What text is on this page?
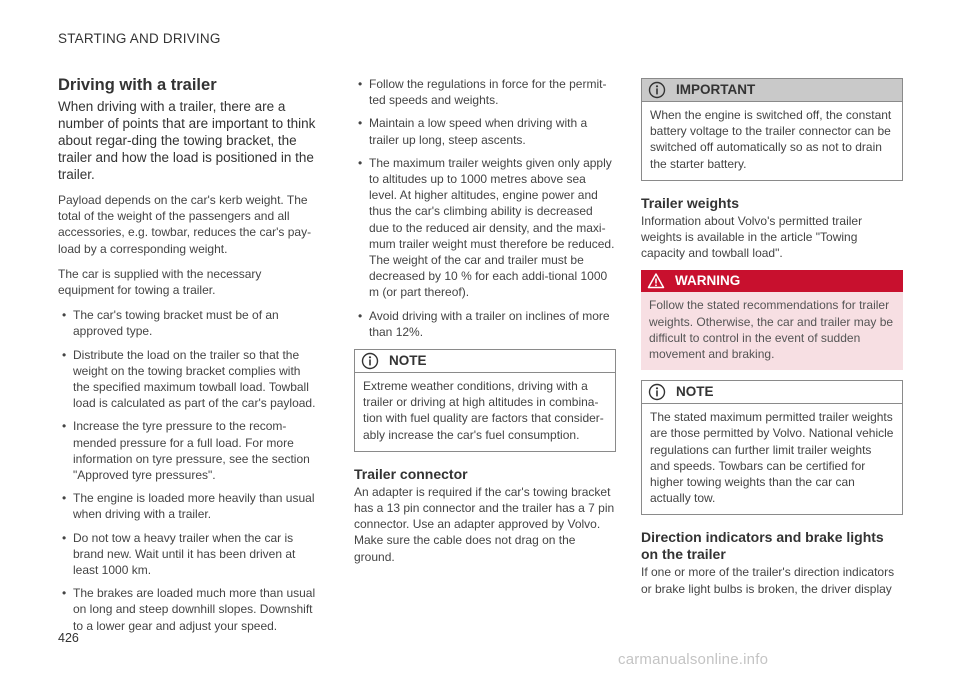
STARTING AND DRIVING
Driving with a trailer
When driving with a trailer, there are a number of points that are important to think about regar-ding the towing bracket, the trailer and how the load is positioned in the trailer.

Payload depends on the car's kerb weight. The total of the weight of the passengers and all accessories, e.g. towbar, reduces the car's pay-load by a corresponding weight.

The car is supplied with the necessary equipment for towing a trailer.

• The car's towing bracket must be of an approved type.
• Distribute the load on the trailer so that the weight on the towing bracket complies with the specified maximum towball load. Towball load is calculated as part of the car's payload.
• Increase the tyre pressure to the recom-mended pressure for a full load. For more information on tyre pressure, see the section "Approved tyre pressures".
• The engine is loaded more heavily than usual when driving with a trailer.
• Do not tow a heavy trailer when the car is brand new. Wait until it has been driven at least 1000 km.
• The brakes are loaded much more than usual on long and steep downhill slopes. Downshift to a lower gear and adjust your speed.
• Follow the regulations in force for the permit-ted speeds and weights.
• Maintain a low speed when driving with a trailer up long, steep ascents.
• The maximum trailer weights given only apply to altitudes up to 1000 metres above sea level. At higher altitudes, engine power and thus the car's climbing ability is decreased due to the reduced air density, and the maxi-mum trailer weight must therefore be reduced. The weight of the car and trailer must be decreased by 10 % for each addi-tional 1000 m (or part thereof).
• Avoid driving with a trailer on inclines of more than 12%.
NOTE
Extreme weather conditions, driving with a trailer or driving at high altitudes in combina-tion with fuel quality are factors that consider-ably increase the car's fuel consumption.
Trailer connector

An adapter is required if the car's towing bracket has a 13 pin connector and the trailer has a 7 pin connector. Use an adapter approved by Volvo. Make sure the cable does not drag on the ground.

IMPORTANT
When the engine is switched off, the constant battery voltage to the trailer connector can be switched off automatically so as not to drain the starter battery.
Trailer weights

Information about Volvo's permitted trailer weights is available in the article "Towing capacity and towball load".

WARNING
Follow the stated recommendations for trailer weights. Otherwise, the car and trailer may be difficult to control in the event of sudden movement and braking.
NOTE
The stated maximum permitted trailer weights are those permitted by Volvo. National vehicle regulations can further limit trailer weights and speeds. Towbars can be certified for higher towing weights than the car can actually tow.
Direction indicators and brake lights on the trailer

If one or more of the trailer's direction indicators or brake light bulbs is broken, the driver display

426
carmanualsonline.info
